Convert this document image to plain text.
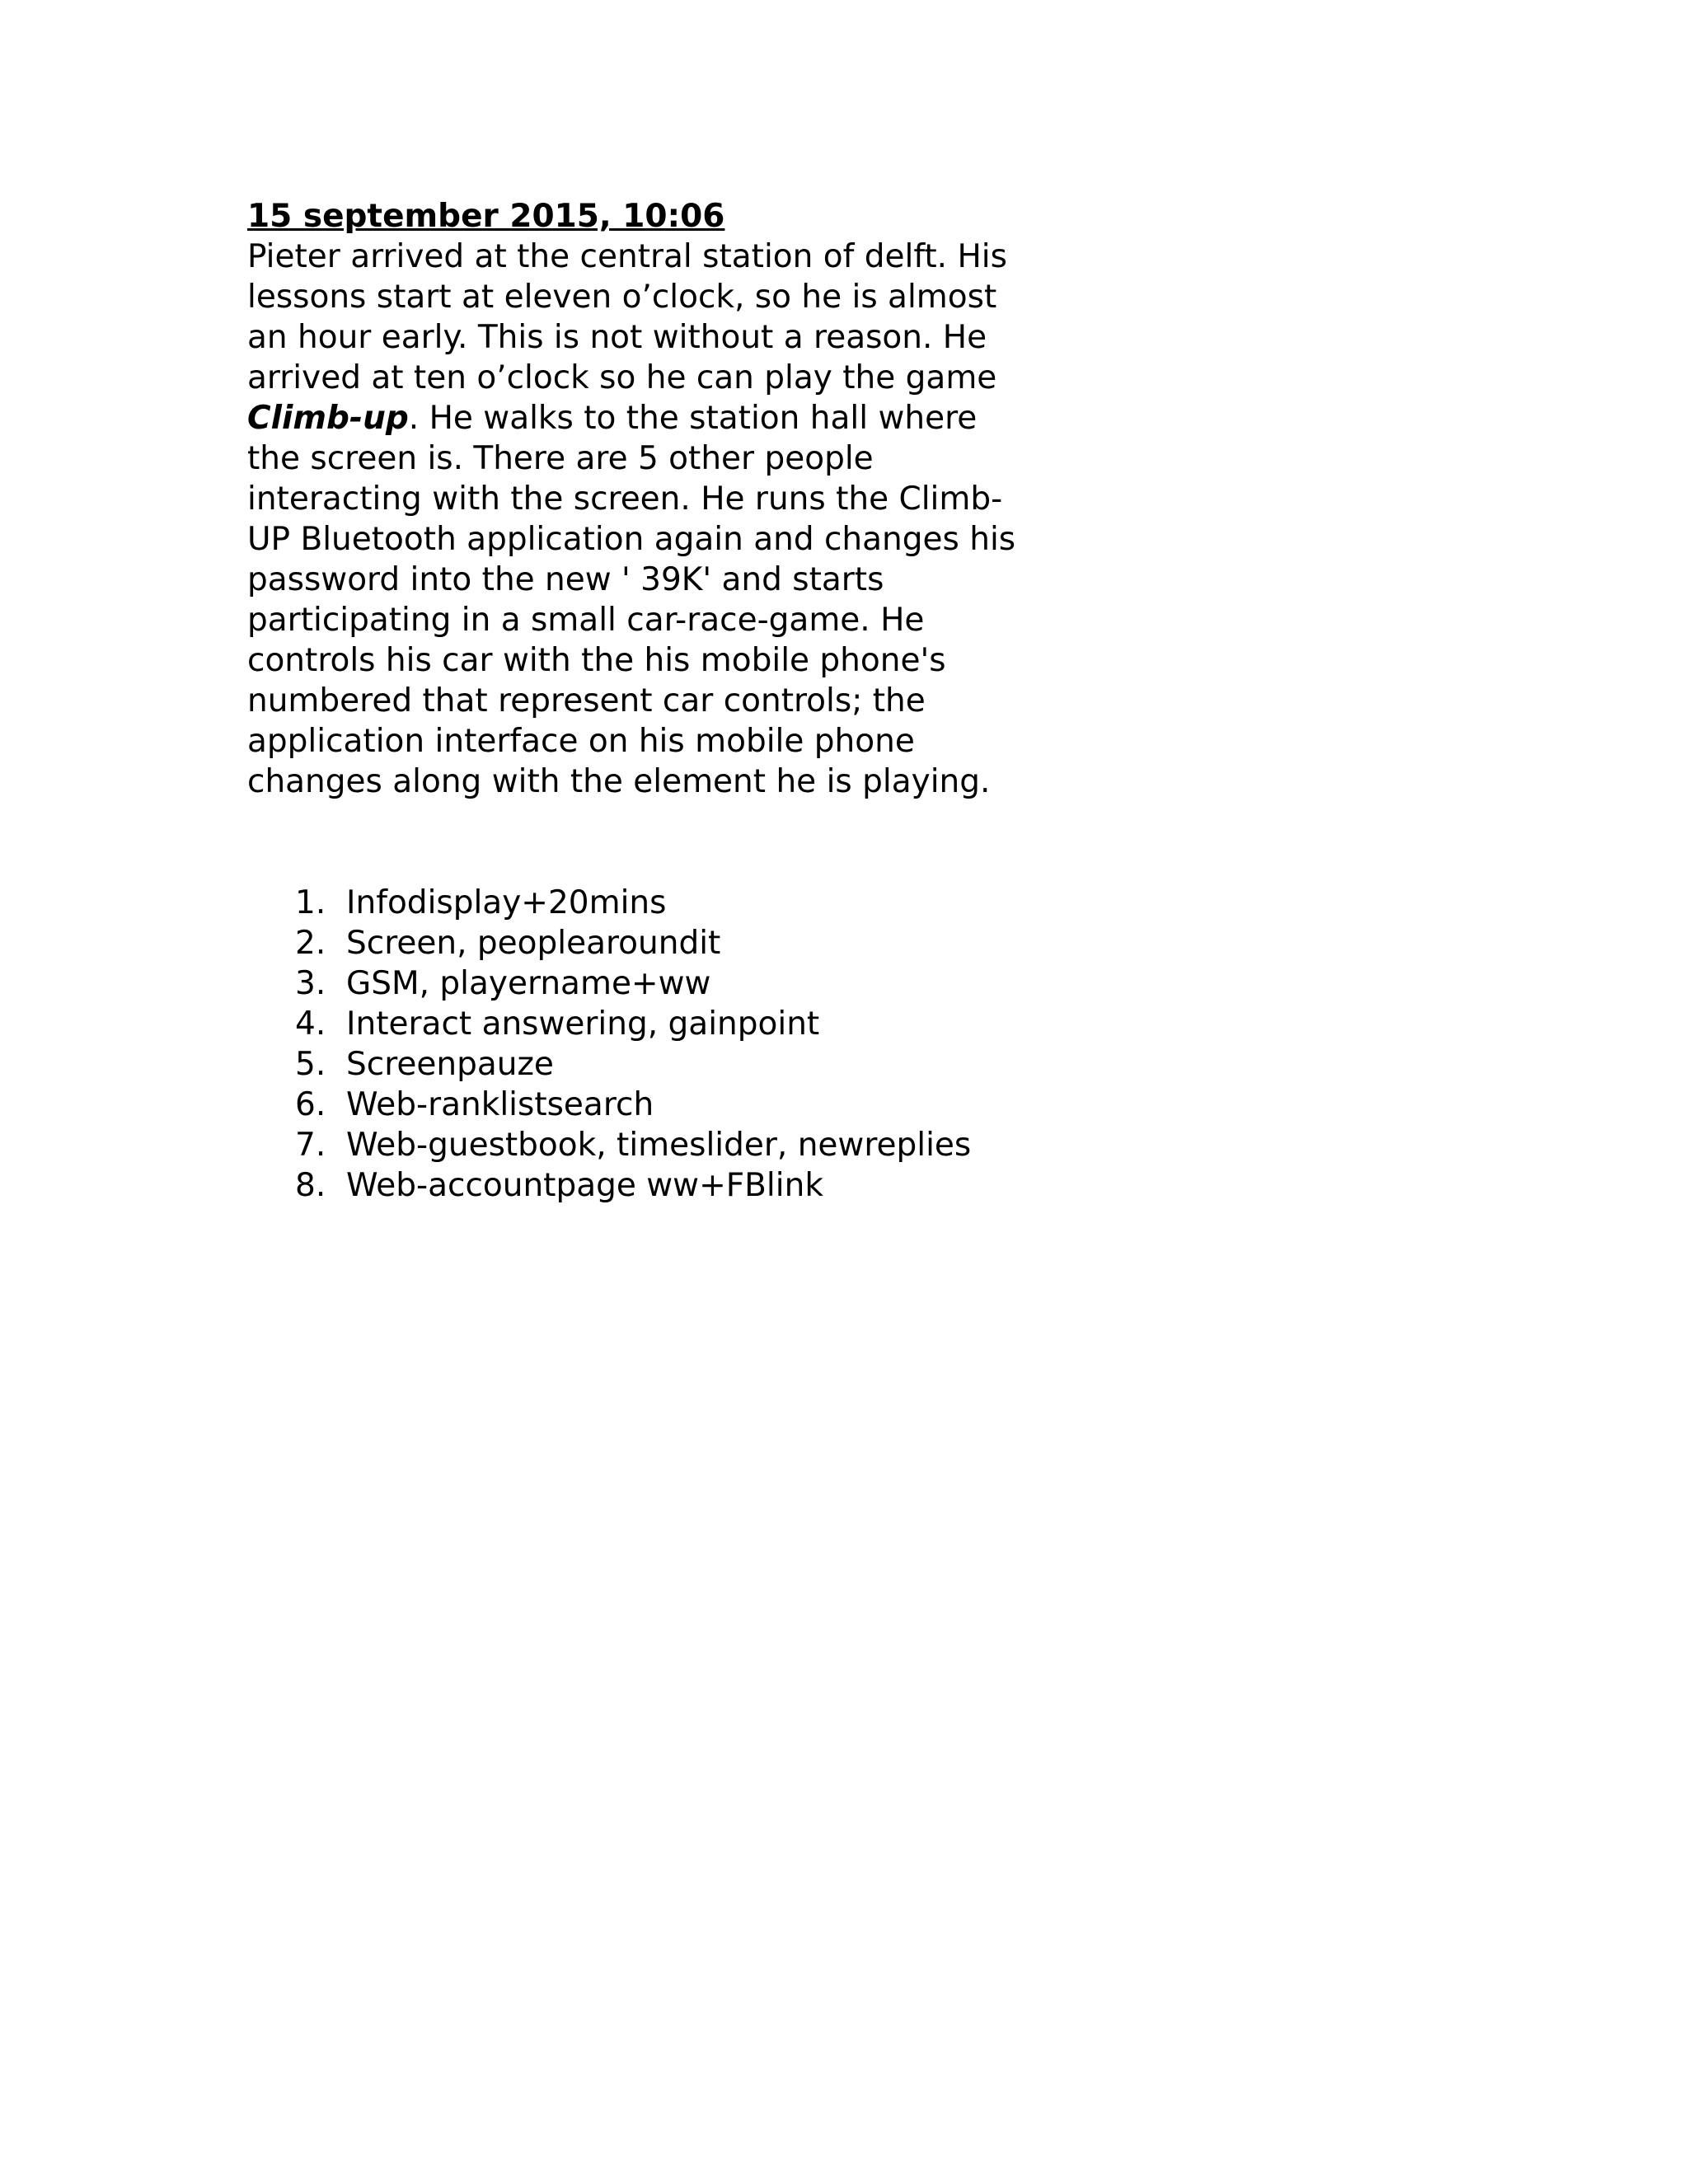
15 september 2015, 10:06

Pieter arrived at the central station of delft. His lessons start at eleven o’clock, so he is almost an hour early. This is not without a reason. He arrived at ten o’clock so he can play the game Climb-up. He walks to the station hall where the screen is. There are 5 other people interacting with the screen. He runs the Climb-UP Bluetooth application again and changes his password into the new ' 39K' and starts participating in a small car-race-game. He controls his car with the his mobile phone's numbered that represent car controls; the application interface on his mobile phone changes along with the element he is playing.

1. Infodisplay+20mins
2. Screen, peoplearoundit
3. GSM, playername+ww
4. Interact answering, gainpoint
5. Screenpauze
6. Web-ranklistsearch
7. Web-guestbook, timeslider, newreplies
8. Web-accountpage ww+FBlink
